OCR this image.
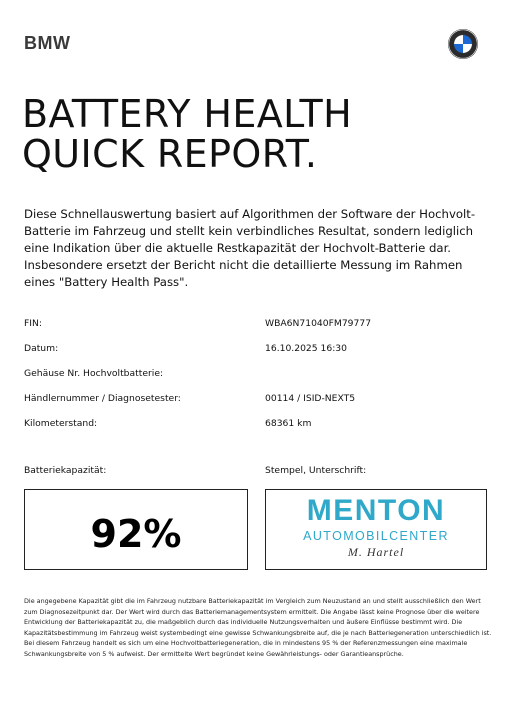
BMW
BATTERY HEALTH
QUICK REPORT.

Diese Schnellauswertung basiert auf Algorithmen der Software der Hochvolt-Batterie im Fahrzeug und stellt kein verbindliches Resultat, sondern lediglich eine Indikation über die aktuelle Restkapazität der Hochvolt-Batterie dar. Insbesondere ersetzt der Bericht nicht die detaillierte Messung im Rahmen eines "Battery Health Pass".

FIN:	WBA6N71040FM79777
Datum:	16.10.2025 16:30
Gehäuse Nr. Hochvoltbatterie:
Händlernummer / Diagnosetester:	00114 / ISID-NEXT5
Kilometerstand:	68361 km
Batteriekapazität:	Stempel, Unterschrift:
92%
MENTON
AUTOMOBILCENTER
M. Hartel

Die angegebene Kapazität gibt die im Fahrzeug nutzbare Batteriekapazität im Vergleich zum Neuzustand an und stellt ausschließlich den Wert zum Diagnosezeitpunkt dar. Der Wert wird durch das Batteriemanagementsystem ermittelt. Die Angabe lässt keine Prognose über die weitere Entwicklung der Batteriekapazität zu, die maßgeblich durch das individuelle Nutzungsverhalten und äußere Einflüsse bestimmt wird. Die Kapazitätsbestimmung im Fahrzeug weist systembedingt eine gewisse Schwankungsbreite auf, die je nach Batteriegeneration unterschiedlich ist. Bei diesem Fahrzeug handelt es sich um eine Hochvoltbatteriegeneration, die in mindestens 95 % der Referenzmessungen eine maximale Schwankungsbreite von 5 % aufweist. Der ermittelte Wert begründet keine Gewährleistungs- oder Garantieansprüche.
